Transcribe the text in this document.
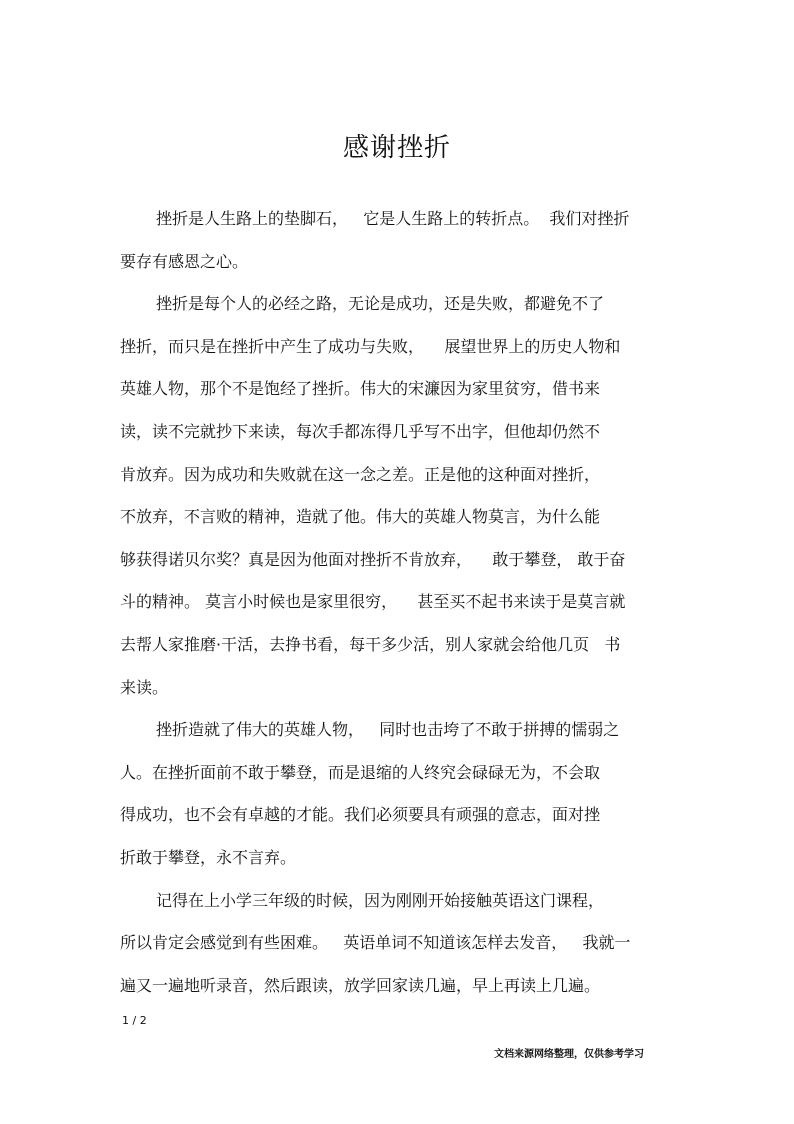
感谢挫折
挫折是人生路上的垫脚石，   它是人生路上的转折点。  我们对挫折
要存有感恩之心。
挫折是每个人的必经之路，无论是成功，还是失败，都避免不了
挫折，而只是在挫折中产生了成功与失败，    展望世界上的历史人物和
英雄人物，那个不是饱经了挫折。伟大的宋濂因为家里贫穷，借书来
读，读不完就抄下来读，每次手都冻得几乎写不出字，但他却仍然不
肯放弃。因为成功和失败就在这一念之差。正是他的这种面对挫折，
不放弃，不言败的精神，造就了他。伟大的英雄人物莫言，为什么能
够获得诺贝尔奖？真是因为他面对挫折不肯放弃，    敢于攀登， 敢于奋
斗的精神。 莫言小时候也是家里很穷，    甚至买不起书来读于是莫言就
去帮人家推磨·干活，去挣书看，每干多少活，别人家就会给他几页   书
来读。
挫折造就了伟大的英雄人物，   同时也击垮了不敢于拼搏的懦弱之
人。在挫折面前不敢于攀登，而是退缩的人终究会碌碌无为，不会取
得成功，也不会有卓越的才能。我们必须要具有顽强的意志，面对挫
折敢于攀登，永不言弃。
记得在上小学三年级的时候，因为刚刚开始接触英语这门课程，
所以肯定会感觉到有些困难。   英语单词不知道该怎样去发音，   我就一
遍又一遍地听录音，然后跟读，放学回家读几遍，早上再读上几遍。
1 / 2
文档来源网络整理，仅供参考学习
